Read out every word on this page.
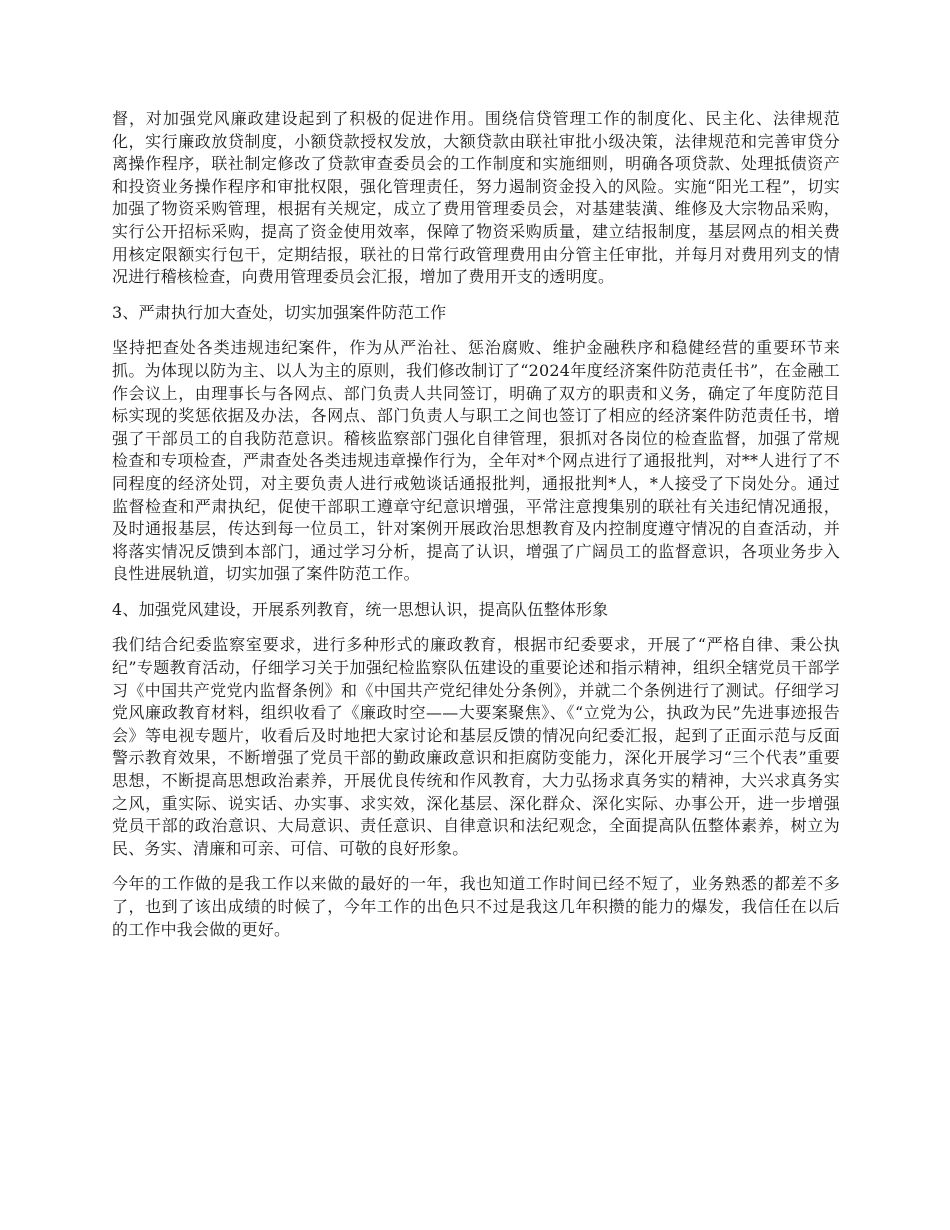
督，对加强党风廉政建设起到了积极的促进作用。围绕信贷管理工作的制度化、民主化、法律规范化，实行廉政放贷制度，小额贷款授权发放，大额贷款由联社审批小级决策，法律规范和完善审贷分离操作程序，联社制定修改了贷款审查委员会的工作制度和实施细则，明确各项贷款、处理抵债资产和投资业务操作程序和审批权限，强化管理责任，努力遏制资金投入的风险。实施“阳光工程”，切实加强了物资采购管理，根据有关规定，成立了费用管理委员会，对基建装潢、维修及大宗物品采购，实行公开招标采购，提高了资金使用效率，保障了物资采购质量，建立结报制度，基层网点的相关费用核定限额实行包干，定期结报，联社的日常行政管理费用由分管主任审批，并每月对费用列支的情况进行稽核检查，向费用管理委员会汇报，增加了费用开支的透明度。

3、严肃执行加大查处，切实加强案件防范工作

坚持把查处各类违规违纪案件，作为从严治社、惩治腐败、维护金融秩序和稳健经营的重要环节来抓。为体现以防为主、以人为主的原则，我们修改制订了“2024年度经济案件防范责任书”，在金融工作会议上，由理事长与各网点、部门负责人共同签订，明确了双方的职责和义务，确定了年度防范目标实现的奖惩依据及办法，各网点、部门负责人与职工之间也签订了相应的经济案件防范责任书，增强了干部员工的自我防范意识。稽核监察部门强化自律管理，狠抓对各岗位的检查监督，加强了常规检查和专项检查，严肃查处各类违规违章操作行为，全年对*个网点进行了通报批判，对**人进行了不同程度的经济处罚，对主要负责人进行戒勉谈话通报批判，通报批判*人，*人接受了下岗处分。通过监督检查和严肃执纪，促使干部职工遵章守纪意识增强，平常注意搜集别的联社有关违纪情况通报，及时通报基层，传达到每一位员工，针对案例开展政治思想教育及内控制度遵守情况的自查活动，并将落实情况反馈到本部门，通过学习分析，提高了认识，增强了广阔员工的监督意识，各项业务步入良性进展轨道，切实加强了案件防范工作。

4、加强党风建设，开展系列教育，统一思想认识，提高队伍整体形象

我们结合纪委监察室要求，进行多种形式的廉政教育，根据市纪委要求，开展了“严格自律、秉公执纪”专题教育活动，仔细学习关于加强纪检监察队伍建设的重要论述和指示精神，组织全辖党员干部学习《中国共产党党内监督条例》和《中国共产党纪律处分条例》，并就二个条例进行了测试。仔细学习党风廉政教育材料，组织收看了《廉政时空——大要案聚焦》、《“立党为公，执政为民”先进事迹报告会》等电视专题片，收看后及时地把大家讨论和基层反馈的情况向纪委汇报，起到了正面示范与反面警示教育效果，不断增强了党员干部的勤政廉政意识和拒腐防变能力，深化开展学习“三个代表”重要思想，不断提高思想政治素养，开展优良传统和作风教育，大力弘扬求真务实的精神，大兴求真务实之风，重实际、说实话、办实事、求实效，深化基层、深化群众、深化实际、办事公开，进一步增强党员干部的政治意识、大局意识、责任意识、自律意识和法纪观念，全面提高队伍整体素养，树立为民、务实、清廉和可亲、可信、可敬的良好形象。

今年的工作做的是我工作以来做的最好的一年，我也知道工作时间已经不短了，业务熟悉的都差不多了，也到了该出成绩的时候了，今年工作的出色只不过是我这几年积攒的能力的爆发，我信任在以后的工作中我会做的更好。
